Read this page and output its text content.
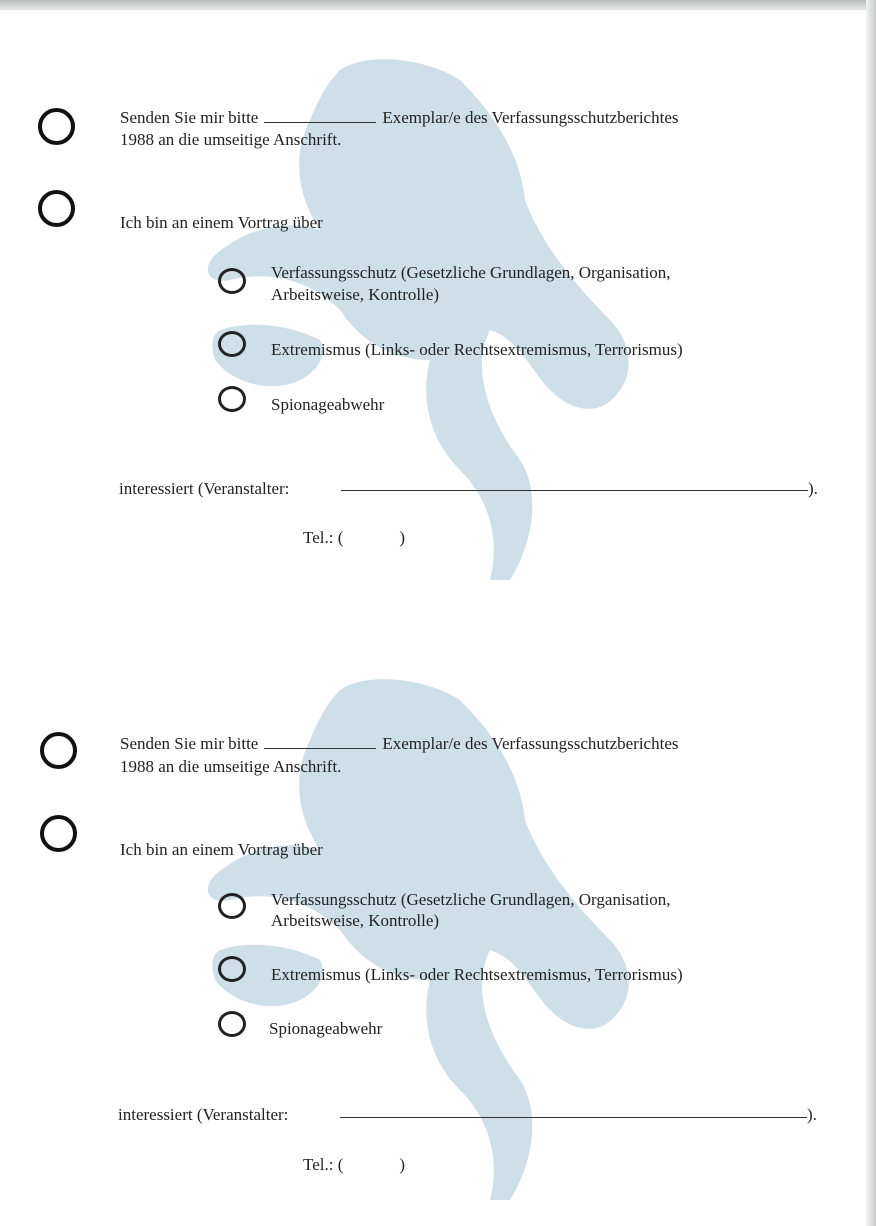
Senden Sie mir bitte	Exemplar/e des Verfassungsschutzberichtes
1988 an die umseitige Anschrift.
Ich bin an einem Vortrag über
Verfassungsschutz (Gesetzliche Grundlagen, Organisation,
Arbeitsweise, Kontrolle)
Extremismus (Links- oder Rechtsextremismus, Terrorismus)
Spionageabwehr
interessiert (Veranstalter:	).
Tel.: (	)
Senden Sie mir bitte	Exemplar/e des Verfassungsschutzberichtes
1988 an die umseitige Anschrift.
Ich bin an einem Vortrag über
Verfassungsschutz (Gesetzliche Grundlagen, Organisation,
Arbeitsweise, Kontrolle)
Extremismus (Links- oder Rechtsextremismus, Terrorismus)
Spionageabwehr
interessiert (Veranstalter:	).
Tel.: (	)
